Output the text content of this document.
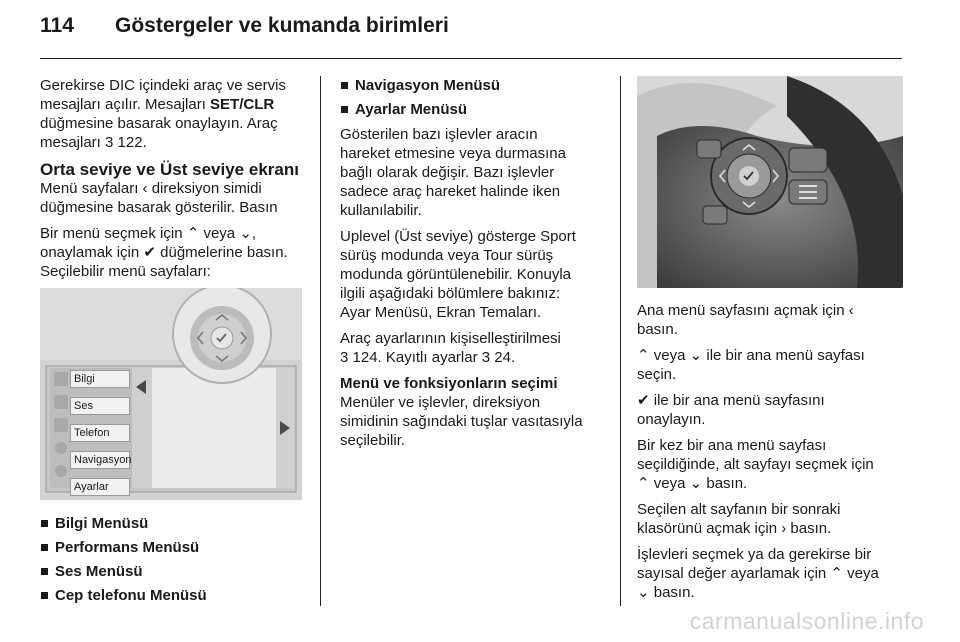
114	Göstergeler ve kumanda birimleri

Gerekirse DIC içindeki araç ve servis
mesajları açılır. Mesajları SET/CLR
düğmesine basarak onaylayın. Araç
mesajları 3 122.

Orta seviye ve Üst seviye ekranı

Menü sayfaları ‹ direksiyon simidi
düğmesine basarak gösterilir. Basın

Bir menü seçmek için ⌃ veya ⌄,
onaylamak için ✔ düğmelerine basın.
Seçilebilir menü sayfaları:

Bilgi
Ses
Telefon
Navigasyon
Ayarlar
Bilgi Menüsü
Performans Menüsü
Ses Menüsü
Cep telefonu Menüsü
Navigasyon Menüsü
Ayarlar Menüsü

Gösterilen bazı işlevler aracın
hareket etmesine veya durmasına
bağlı olarak değişir. Bazı işlevler
sadece araç hareket halinde iken
kullanılabilir.

Uplevel (Üst seviye) gösterge Sport
sürüş modunda veya Tour sürüş
modunda görüntülenebilir. Konuyla
ilgili aşağıdaki bölümlere bakınız:
Ayar Menüsü, Ekran Temaları.

Araç ayarlarının kişiselleştirilmesi
3 124. Kayıtlı ayarlar 3 24.

Menü ve fonksiyonların seçimi

Menüler ve işlevler, direksiyon
simidinin sağındaki tuşlar vasıtasıyla
seçilebilir.

Ana menü sayfasını açmak için ‹
basın.

⌃ veya ⌄ ile bir ana menü sayfası
seçin.

✔ ile bir ana menü sayfasını
onaylayın.

Bir kez bir ana menü sayfası
seçildiğinde, alt sayfayı seçmek için
⌃ veya ⌄ basın.

Seçilen alt sayfanın bir sonraki
klasörünü açmak için › basın.

İşlevleri seçmek ya da gerekirse bir
sayısal değer ayarlamak için ⌃ veya
⌄ basın.

carmanualsonline.info
